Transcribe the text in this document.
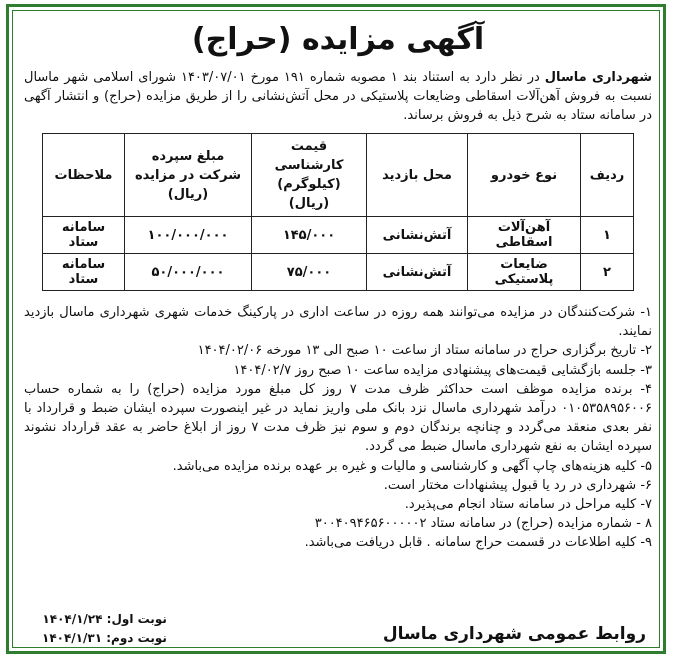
آگهی مزایده (حراج)

شهرداری ماسال در نظر دارد به استناد بند ۱ مصوبه شماره ۱۹۱ مورخ ۱۴۰۳/۰۷/۰۱ شورای اسلامی شهر ماسال نسبت به فروش آهن‌آلات اسقاطی وضایعات پلاستیکی در محل آتش‌نشانی را از طریق مزایده (حراج) و انتشار آگهی در سامانه ستاد به شرح ذیل به فروش برساند.

ردیف	نوع خودرو	محل بازدید	قیمت کارشناسی (کیلوگرم) (ریال)	مبلغ سپرده شرکت در مزایده (ریال)	ملاحظات
۱	آهن‌آلات اسقاطی	آتش‌نشانی	۱۴۵/۰۰۰	۱۰۰/۰۰۰/۰۰۰	سامانه ستاد
۲	ضایعات پلاستیکی	آتش‌نشانی	۷۵/۰۰۰	۵۰/۰۰۰/۰۰۰	سامانه ستاد
۱- شرکت‌کنندگان در مزایده می‌توانند همه روزه در ساعت اداری در پارکینگ خدمات شهری شهرداری ماسال بازدید نمایند.
۲- تاریخ برگزاری حراج در سامانه ستاد از ساعت ۱۰ صبح الی ۱۳ مورخه ۱۴۰۴/۰۲/۰۶
۳- جلسه بازگشایی قیمت‌های پیشنهادی مزایده ساعت ۱۰ صبح روز ۱۴۰۴/۰۲/۷
۴- برنده مزایده موظف است حداکثر ظرف مدت ۷ روز کل مبلغ مورد مزایده (حراج) را به شماره حساب ۰۱۰۵۳۵۸۹۵۶۰۰۶ درآمد شهرداری ماسال نزد بانک ملی واریز نماید در غیر اینصورت سپرده ایشان ضبط و قرارداد با نفر بعدی منعقد می‌گردد و چنانچه برندگان دوم و سوم نیز ظرف مدت ۷ روز از ابلاغ حاضر به عقد قرارداد نشوند سپرده ایشان به نفع شهرداری ماسال ضبط می گردد.
۵- کلیه هزینه‌های چاپ آگهی و کارشناسی و مالیات و غیره بر عهده برنده مزایده می‌باشد.
۶- شهرداری در رد یا قبول پیشنهادات مختار است.
۷- کلیه مراحل در سامانه ستاد انجام می‌پذیرد.
۸ - شماره مزایده (حراج) در سامانه ستاد ۳۰۰۴۰۹۴۶۵۶۰۰۰۰۰۲
۹- کلیه اطلاعات در قسمت حراج سامانه . قابل دریافت می‌باشد.
روابط عمومی شهرداری ماسال
نوبت اول: ۱۴۰۴/۱/۲۴
نوبت دوم: ۱۴۰۴/۱/۳۱
